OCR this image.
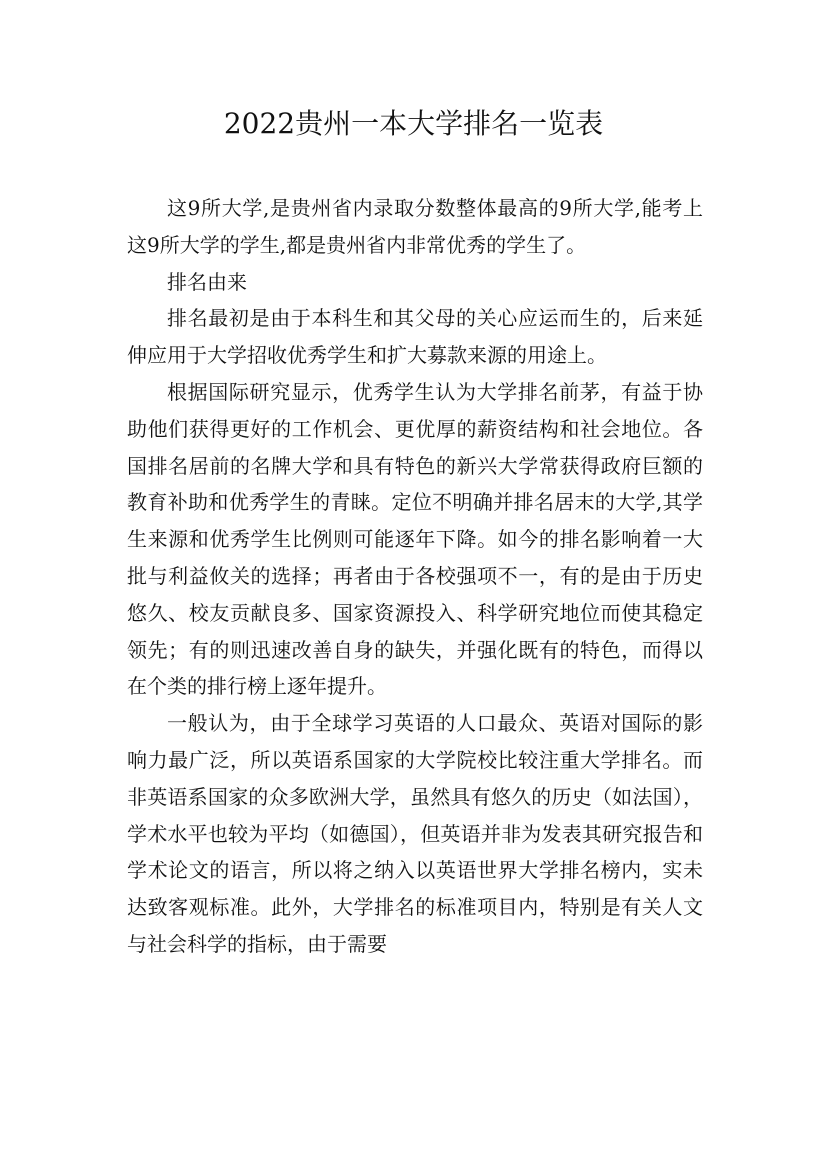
2022贵州一本大学排名一览表

这9所大学,是贵州省内录取分数整体最高的9所大学,能考上这9所大学的学生,都是贵州省内非常优秀的学生了。

排名由来

排名最初是由于本科生和其父母的关心应运而生的，后来延伸应用于大学招收优秀学生和扩大募款来源的用途上。

根据国际研究显示，优秀学生认为大学排名前茅，有益于协助他们获得更好的工作机会、更优厚的薪资结构和社会地位。各国排名居前的名牌大学和具有特色的新兴大学常获得政府巨额的教育补助和优秀学生的青睐。定位不明确并排名居末的大学,其学生来源和优秀学生比例则可能逐年下降。如今的排名影响着一大批与利益攸关的选择；再者由于各校强项不一，有的是由于历史悠久、校友贡献良多、国家资源投入、科学研究地位而使其稳定领先；有的则迅速改善自身的缺失，并强化既有的特色，而得以在个类的排行榜上逐年提升。

一般认为，由于全球学习英语的人口最众、英语对国际的影响力最广泛，所以英语系国家的大学院校比较注重大学排名。而非英语系国家的众多欧洲大学，虽然具有悠久的历史（如法国），学术水平也较为平均（如德国），但英语并非为发表其研究报告和学术论文的语言，所以将之纳入以英语世界大学排名榜内，实未达致客观标准。此外，大学排名的标准项目内，特别是有关人文与社会科学的指标，由于需要
